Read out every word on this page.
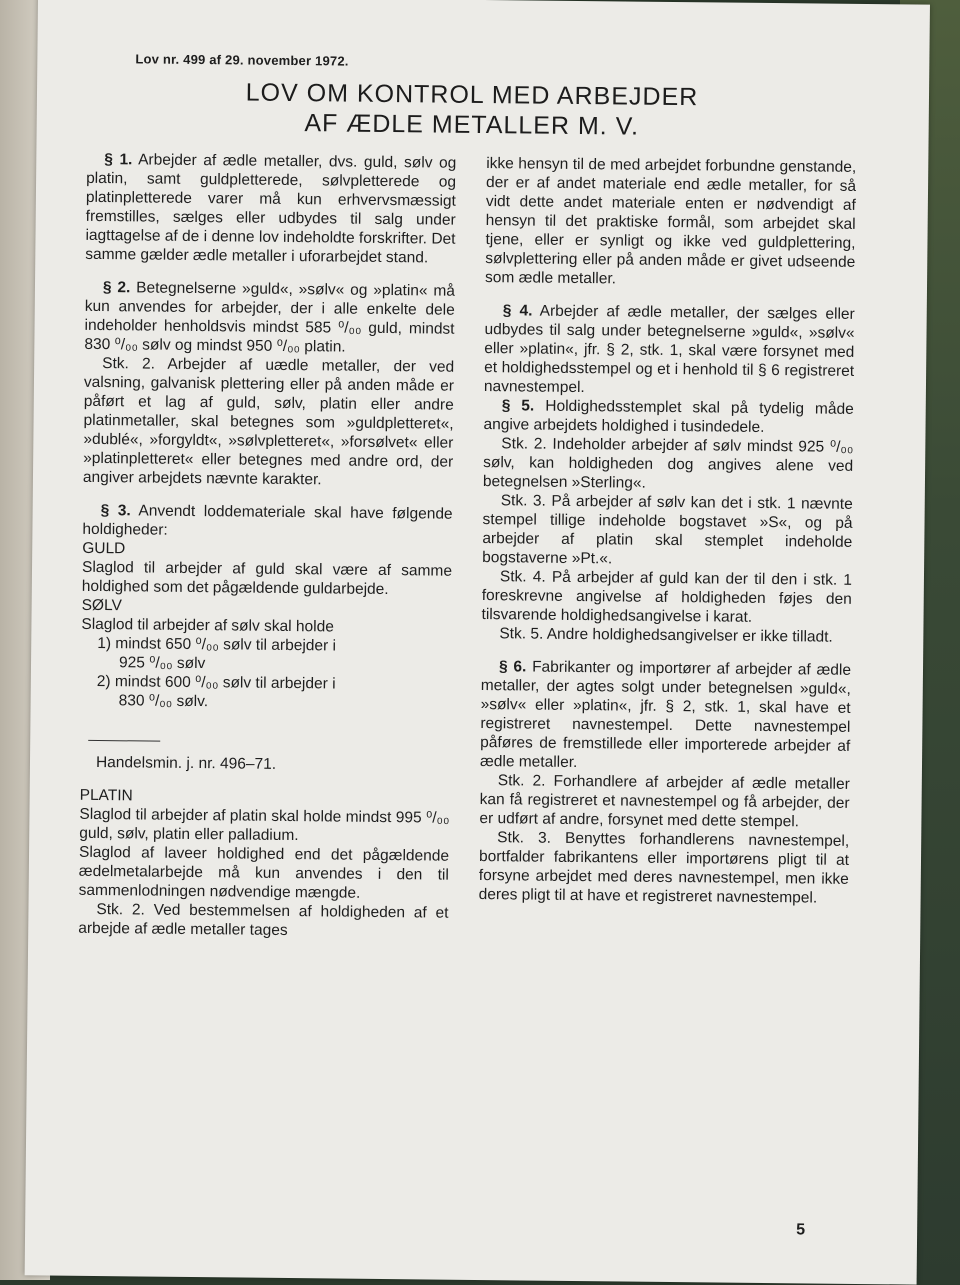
Lov nr. 499 af 29. november 1972.
LOV OM KONTROL MED ARBEJDER
AF ÆDLE METALLER M. V.

§ 1. Arbejder af ædle metaller, dvs. guld, sølv og platin, samt guldpletterede, sølvpletterede og platinpletterede varer må kun erhvervsmæssigt fremstilles, sælges eller udbydes til salg under iagttagelse af de i denne lov indeholdte forskrifter. Det samme gælder ædle metaller i uforarbejdet stand.

§ 2. Betegnelserne »guld«, »sølv« og »platin« må kun anvendes for arbejder, der i alle enkelte dele indeholder henholdsvis mindst 585 ⁰/₀₀ guld, mindst 830 ⁰/₀₀ sølv og mindst 950 ⁰/₀₀ platin.

Stk. 2. Arbejder af uædle metaller, der ved valsning, galvanisk plettering eller på anden måde er påført et lag af guld, sølv, platin eller andre platinmetaller, skal betegnes som »guldpletteret«, »dublé«, »forgyldt«, »sølvpletteret«, »forsølvet« eller »platinpletteret« eller betegnes med andre ord, der angiver arbejdets nævnte karakter.

§ 3. Anvendt loddemateriale skal have følgende holdigheder:

GULD

Slaglod til arbejder af guld skal være af samme holdighed som det pågældende guldarbejde.

SØLV

Slaglod til arbejder af sølv skal holde

1) mindst 650 ⁰/₀₀ sølv til arbejder i
925 ⁰/₀₀ sølv

2) mindst 600 ⁰/₀₀ sølv til arbejder i
830 ⁰/₀₀ sølv.

Handelsmin. j. nr. 496–71.

PLATIN

Slaglod til arbejder af platin skal holde mindst 995 ⁰/₀₀ guld, sølv, platin eller palladium.

Slaglod af laveer holdighed end det pågældende ædelmetalarbejde må kun anvendes i den til sammenlodningen nødvendige mængde.

Stk. 2. Ved bestemmelsen af holdigheden af et arbejde af ædle metaller tages

ikke hensyn til de med arbejdet forbundne genstande, der er af andet materiale end ædle metaller, for så vidt dette andet materiale enten er nødvendigt af hensyn til det praktiske formål, som arbejdet skal tjene, eller er synligt og ikke ved guldplettering, sølvplettering eller på anden måde er givet udseende som ædle metaller.

§ 4. Arbejder af ædle metaller, der sælges eller udbydes til salg under betegnelserne »guld«, »sølv« eller »platin«, jfr. § 2, stk. 1, skal være forsynet med et holdighedsstempel og et i henhold til § 6 registreret navnestempel.

§ 5. Holdighedsstemplet skal på tydelig måde angive arbejdets holdighed i tusindedele.

Stk. 2. Indeholder arbejder af sølv mindst 925 ⁰/₀₀ sølv, kan holdigheden dog angives alene ved betegnelsen »Sterling«.

Stk. 3. På arbejder af sølv kan det i stk. 1 nævnte stempel tillige indeholde bogstavet »S«, og på arbejder af platin skal stemplet indeholde bogstaverne »Pt.«.

Stk. 4. På arbejder af guld kan der til den i stk. 1 foreskrevne angivelse af holdigheden føjes den tilsvarende holdighedsangivelse i karat.

Stk. 5. Andre holdighedsangivelser er ikke tilladt.

§ 6. Fabrikanter og importører af arbejder af ædle metaller, der agtes solgt under betegnelsen »guld«, »sølv« eller »platin«, jfr. § 2, stk. 1, skal have et registreret navnestempel. Dette navnestempel påføres de fremstillede eller importerede arbejder af ædle metaller.

Stk. 2. Forhandlere af arbejder af ædle metaller kan få registreret et navnestempel og få arbejder, der er udført af andre, forsynet med dette stempel.

Stk. 3. Benyttes forhandlerens navnestempel, bortfalder fabrikantens eller importørens pligt til at forsyne arbejdet med deres navnestempel, men ikke deres pligt til at have et registreret navnestempel.

5
